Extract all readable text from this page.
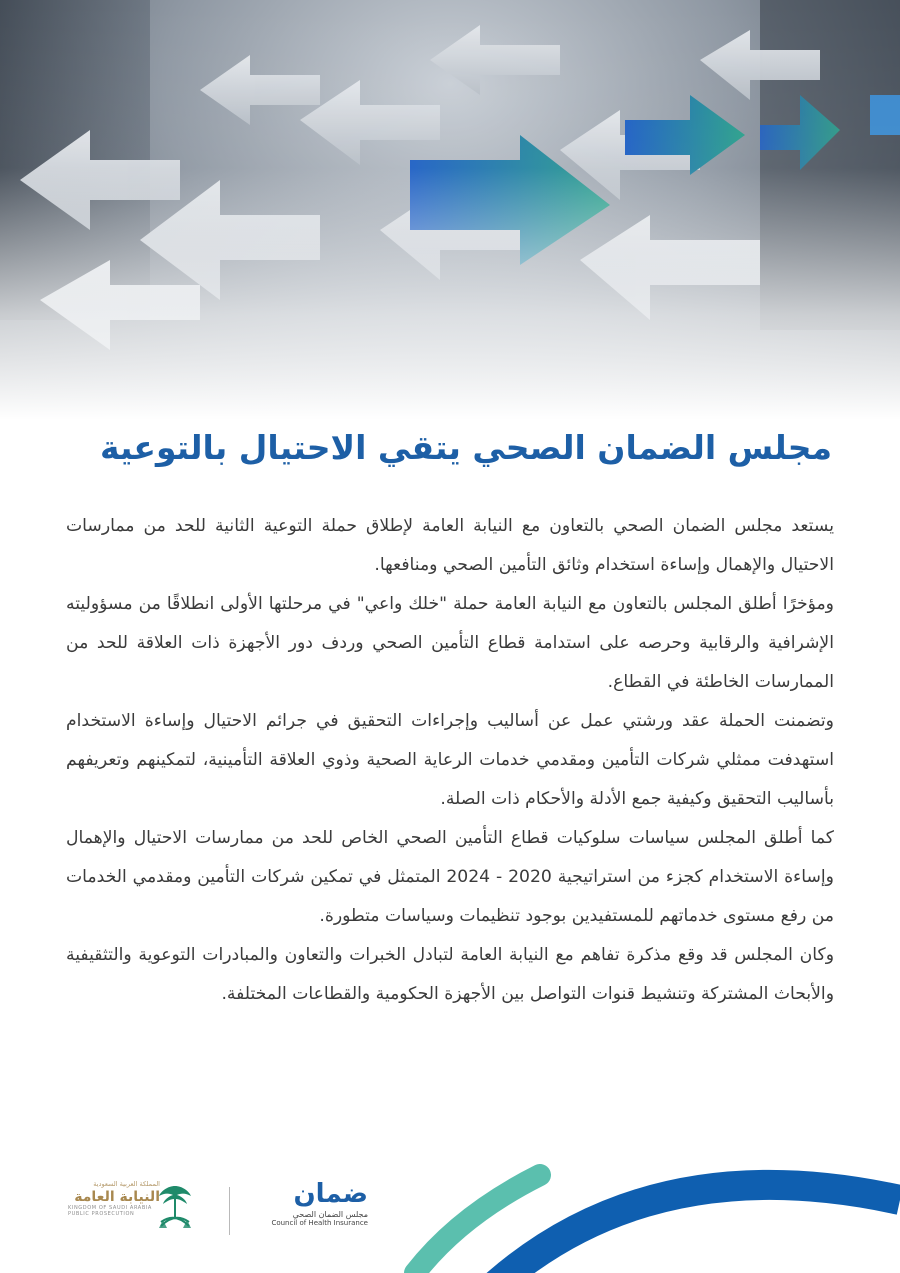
مجلس الضمان الصحي يتقي الاحتيال بالتوعية

يستعد مجلس الضمان الصحي بالتعاون مع النيابة العامة لإطلاق حملة التوعية الثانية للحد من ممارسات الاحتيال والإهمال وإساءة استخدام وثائق التأمين الصحي ومنافعها.

ومؤخرًا أطلق المجلس بالتعاون مع النيابة العامة حملة "خلك واعي" في مرحلتها الأولى انطلاقًا من مسؤوليته الإشرافية والرقابية وحرصه على استدامة قطاع التأمين الصحي وردف دور الأجهزة ذات العلاقة للحد من الممارسات الخاطئة في القطاع.

وتضمنت الحملة عقد ورشتي عمل عن أساليب وإجراءات التحقيق في جرائم الاحتيال وإساءة الاستخدام استهدفت ممثلي شركات التأمين ومقدمي خدمات الرعاية الصحية وذوي العلاقة التأمينية، لتمكينهم وتعريفهم بأساليب التحقيق وكيفية جمع الأدلة والأحكام ذات الصلة.

كما أطلق المجلس سياسات سلوكيات قطاع التأمين الصحي الخاص للحد من ممارسات الاحتيال والإهمال وإساءة الاستخدام كجزء من استراتيجية 2020 - 2024 المتمثل في تمكين شركات التأمين ومقدمي الخدمات من رفع مستوى خدماتهم للمستفيدين بوجود تنظيمات وسياسات متطورة.

وكان المجلس قد وقع مذكرة تفاهم مع النيابة العامة لتبادل الخبرات والتعاون والمبادرات التوعوية والتثقيفية والأبحاث المشتركة وتنشيط قنوات التواصل بين الأجهزة الحكومية والقطاعات المختلفة.

المملكة العربية السعودية
النيابة العامة
KINGDOM OF SAUDI ARABIA
PUBLIC PROSECUTION
ضمان
مجلس الضمان الصحي
Council of Health Insurance
